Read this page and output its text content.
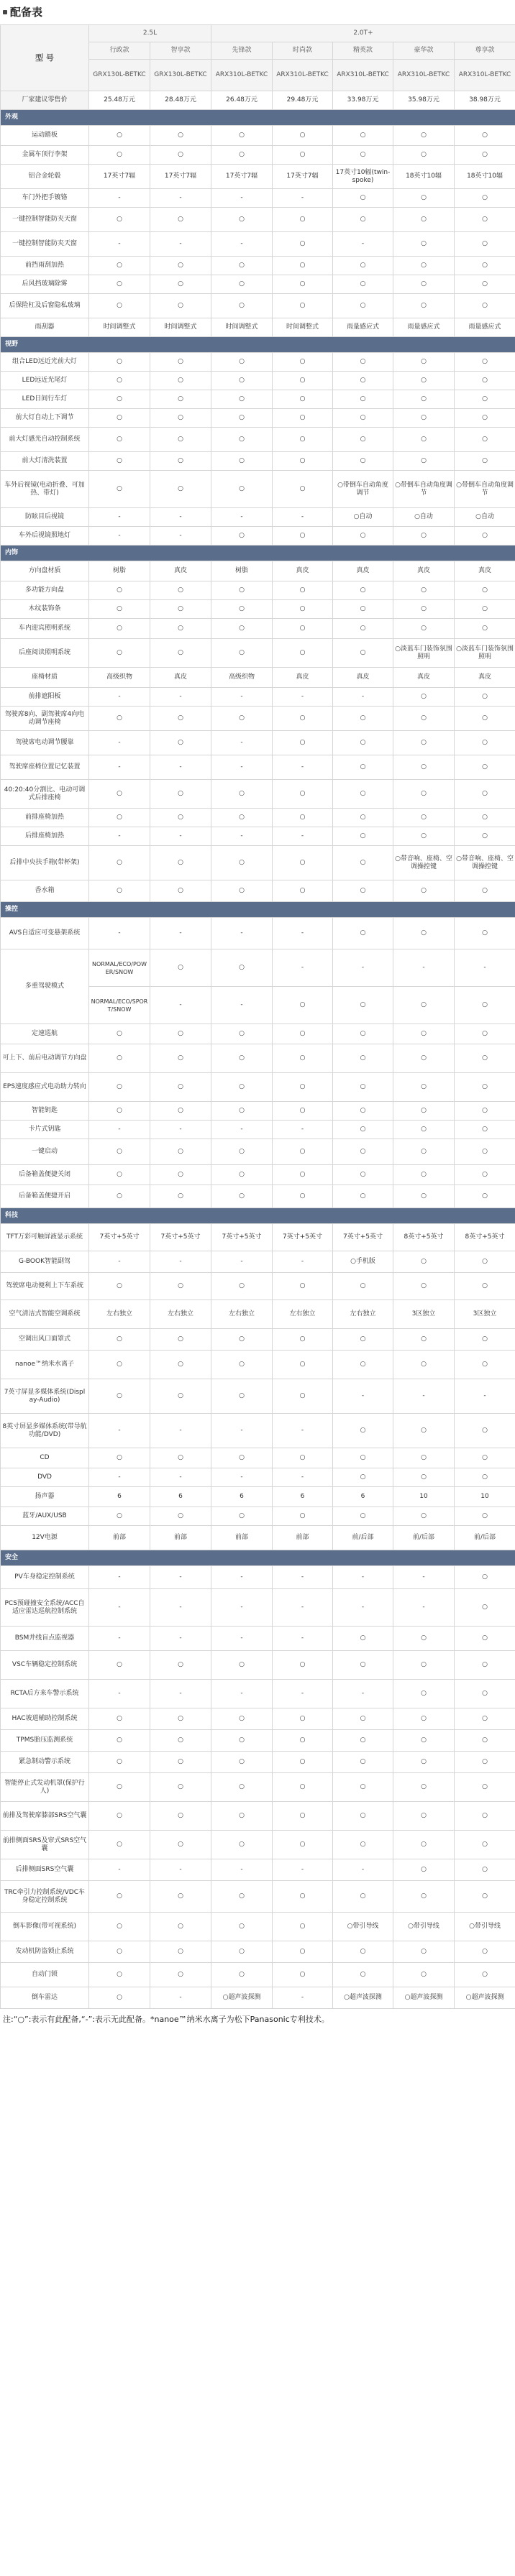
配备表
型 号	2.5L		2.0T+					
	行政款	智享款	先锋款	时尚款	精英款	豪华款	尊享款	
	GRX130L-BETKC	GRX130L-BETKC	ARX310L-BETKC	ARX310L-BETKC	ARX310L-BETKC	ARX310L-BETKC	ARX310L-BETKC	
厂家建议零售价	25.48万元	28.48万元	26.48万元	29.48万元	33.98万元	35.98万元	38.98万元	
外观								
运动踏板	○	○	○	○	○	○	○	
金属车顶行李架	○	○	○	○	○	○	○	
铝合金轮毂	17英寸7辐	17英寸7辐	17英寸7辐	17英寸7辐	17英寸10辐(twin-spoke)	18英寸10辐	18英寸10辐	
车门外把手镀铬	-	-	-	-	○	○	○	
一键控制智能防夹天窗	○	○	○	○	○	○	○	
一键控制智能防夹天窗	-	-	-	○	-	○	○	
前挡雨刮加热	○	○	○	○	○	○	○	
后风挡玻璃除雾	○	○	○	○	○	○	○	
后保险杠及后窗隐私玻璃	○	○	○	○	○	○	○	
雨刮器	时间调整式	时间调整式	时间调整式	时间调整式	雨量感应式	雨量感应式	雨量感应式	
视野								
组合LED远近光前大灯	○	○	○	○	○	○	○	
LED远近光尾灯	○	○	○	○	○	○	○	
LED日间行车灯	○	○	○	○	○	○	○	
前大灯自动上下调节	○	○	○	○	○	○	○	
前大灯感光自动控制系统	○	○	○	○	○	○	○	
前大灯清洗装置	○	○	○	○	○	○	○	
车外后视镜(电动折叠、可加热、带灯)	○	○	○	○	○带倒车自动角度调节	○带倒车自动角度调节	○带倒车自动角度调节	
防眩目后视镜	-	-	-	-	○自动	○自动	○自动	
车外后视镜照地灯	-	-	○	○	○	○	○	
内饰								
方向盘材质	树脂	真皮	树脂	真皮	真皮	真皮	真皮	
多功能方向盘	○	○	○	○	○	○	○	
木纹装饰条	○	○	○	○	○	○	○	
车内迎宾照明系统	○	○	○	○	○	○	○	
后座阅读照明系统	○	○	○	○	○	○淡蓝车门装饰氛围照明	○淡蓝车门装饰氛围照明	
座椅材质	高级织物	真皮	高级织物	真皮	真皮	真皮	真皮	
前排遮阳板	-	-	-	-	-	○	○	
驾驶席8向、副驾驶席4向电动调节座椅	○	○	○	○	○	○	○	
驾驶席电动调节腰靠	-	○	-	○	○	○	○	
驾驶席座椅位置记忆装置	-	-	-	-	○	○	○	
40:20:40分割比、电动可调式后排座椅	○	○	○	○	○	○	○	
前排座椅加热	○	○	○	○	○	○	○	
后排座椅加热	-	-	-	-	○	○	○	
后排中央扶手箱(带杯架)	○	○	○	○	○	○带音响、座椅、空调操控键	○带音响、座椅、空调操控键	
香水箱	○	○	○	○	○	○	○	
操控								
AVS自适应可变悬架系统	-	-	-	-	○	○	○	
多重驾驶模式	NORMAL/ECO/POWER/SNOW	○	○	-	-	-	-	
	NORMAL/ECO/SPORT/SNOW	-	-	○	○	○	○	
定速巡航	○	○	○	○	○	○	○	
可上下、前后电动调节方向盘	○	○	○	○	○	○	○	
EPS速度感应式电动助力转向	○	○	○	○	○	○	○	
智能钥匙	○	○	○	○	○	○	○	
卡片式钥匙	-	-	-	-	○	○	○	
一键启动	○	○	○	○	○	○	○	
后备箱盖便捷关闭	○	○	○	○	○	○	○	
后备箱盖便捷开启	○	○	○	○	○	○	○	
科技								
TFT万彩可触屏液显示系统	7英寸+5英寸	7英寸+5英寸	7英寸+5英寸	7英寸+5英寸	7英寸+5英寸	8英寸+5英寸	8英寸+5英寸	
G-BOOK智能副驾	-	-	-	-	○手机版	○	○	
驾驶席电动便利上下车系统	○	○	○	○	○	○	○	
空气清洁式智能空调系统	左右独立	左右独立	左右独立	左右独立	左右独立	3区独立	3区独立	
空调出风口面罩式	○	○	○	○	○	○	○	
nanoe™纳米水离子	○	○	○	○	○	○	○	
7英寸屏显多媒体系统(Display-Audio)	○	○	○	○	-	-	-	
8英寸屏显多媒体系统(带导航功能/DVD)	-	-	-	-	○	○	○	
CD	○	○	○	○	○	○	○	
DVD	-	-	-	-	○	○	○	
扬声器	6	6	6	6	6	10	10	
蓝牙/AUX/USB	○	○	○	○	○	○	○	
12V电源	前部	前部	前部	前部	前/后部	前/后部	前/后部	
安全								
PV车身稳定控制系统	-	-	-	-	-	-	○	
PCS预碰撞安全系统/ACC自适应雷达巡航控制系统	-	-	-	-	-	-	○	
BSM并线盲点监视器	-	-	-	-	○	○	○	
VSC车辆稳定控制系统	○	○	○	○	○	○	○	
RCTA后方来车警示系统	-	-	-	-	-	○	○	
HAC坡道辅助控制系统	○	○	○	○	○	○	○	
TPMS胎压监测系统	○	○	○	○	○	○	○	
紧急制动警示系统	○	○	○	○	○	○	○	
智能停止式发动机罩(保护行人)	○	○	○	○	○	○	○	
前排及驾驶席膝部SRS空气囊	○	○	○	○	○	○	○	
前排侧面SRS及帘式SRS空气囊	○	○	○	○	○	○	○	
后排侧面SRS空气囊	-	-	-	-	-	○	○	
TRC牵引力控制系统/VDC车身稳定控制系统	○	○	○	○	○	○	○	
倒车影像(带可视系统)	○	○	○	○	○带引导线	○带引导线	○带引导线	
发动机防盗锁止系统	○	○	○	○	○	○	○	
自动门锁	○	○	○	○	○	○	○	
倒车雷达	○	-	○超声波探测	-	○超声波探测	○超声波探测	○超声波探测	
注:“○”:表示有此配备,“-”:表示无此配备。*nanoe™纳米水离子为松下Panasonic专利技术。
